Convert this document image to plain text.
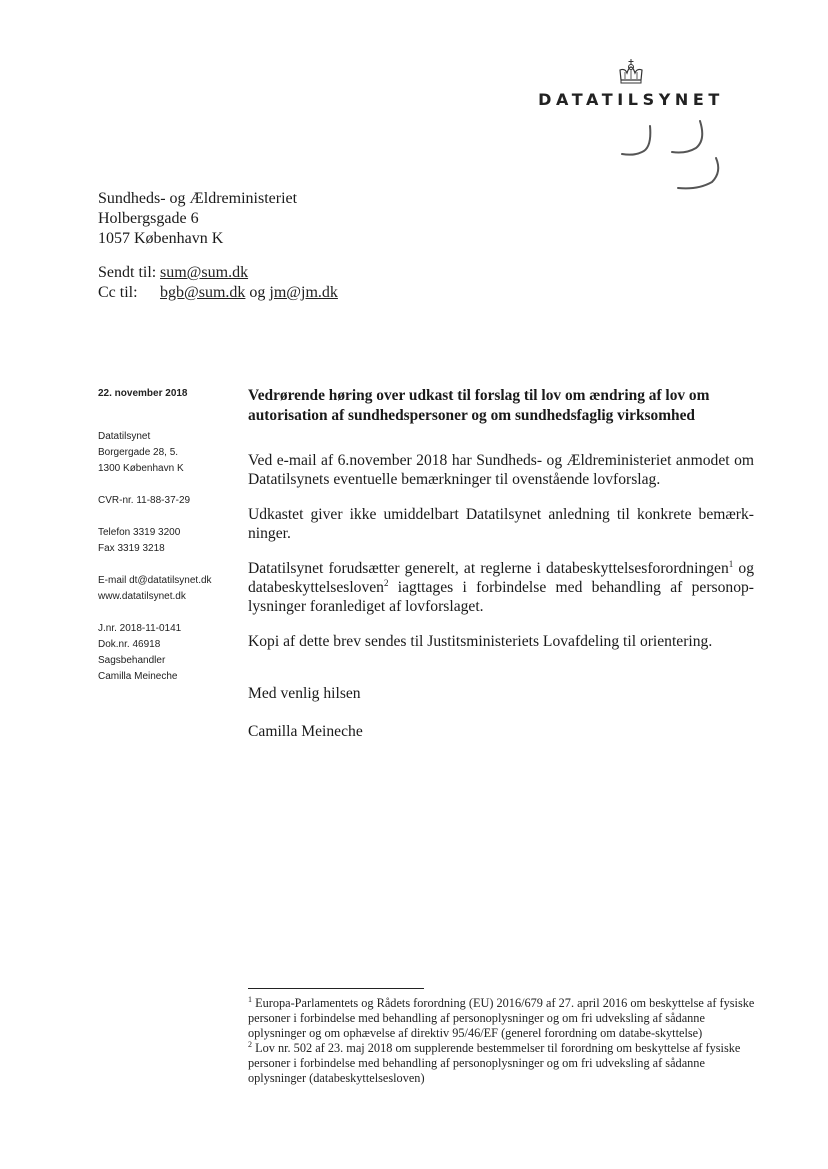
DATATILSYNET
Sundheds- og Ældreministeriet
Holbergsgade 6
1057 København K
Sendt til: sum@sum.dk
Cc til:	bgb@sum.dk
og
jm@jm.dk
22. november 2018
Datatilsynet
Borgergade 28, 5.
1300 København K
CVR-nr. 11-88-37-29
Telefon 3319 3200
Fax 3319 3218
E-mail dt@datatilsynet.dk
www.datatilsynet.dk
J.nr. 2018-11-0141
Dok.nr. 46918
Sagsbehandler
Camilla Meineche
Vedrørende høring over udkast til forslag til lov om ændring af lov om autorisation af sundhedspersoner og om sundhedsfaglig virksomhed
Ved e-mail af 6.november 2018 har Sundheds- og Ældreministeriet anmodet om Datatilsynets eventuelle bemærkninger til ovenstående lovforslag.
Udkastet giver ikke umiddelbart Datatilsynet anledning til konkrete bemærk-ninger.
Datatilsynet forudsætter generelt, at reglerne i databeskyttelsesforordningen$^1$ og databeskyttelsesloven$^2$ iagttages i forbindelse med behandling af personop-lysninger foranlediget af lovforslaget.
Kopi af dette brev sendes til Justitsministeriets Lovafdeling til orientering.
Med venlig hilsen
Camilla Meineche
$^1$ Europa-Parlamentets og Rådets forordning (EU) 2016/679 af 27. april 2016 om beskyttelse af fysiske personer i forbindelse med behandling af personoplysninger og om fri udveksling af sådanne oplysninger og om ophævelse af direktiv 95/46/EF (generel forordning om databe-skyttelse)
$^2$ Lov nr. 502 af 23. maj 2018 om supplerende bestemmelser til forordning om beskyttelse af fysiske personer i forbindelse med behandling af personoplysninger og om fri udveksling af sådanne oplysninger (databeskyttelsesloven)
